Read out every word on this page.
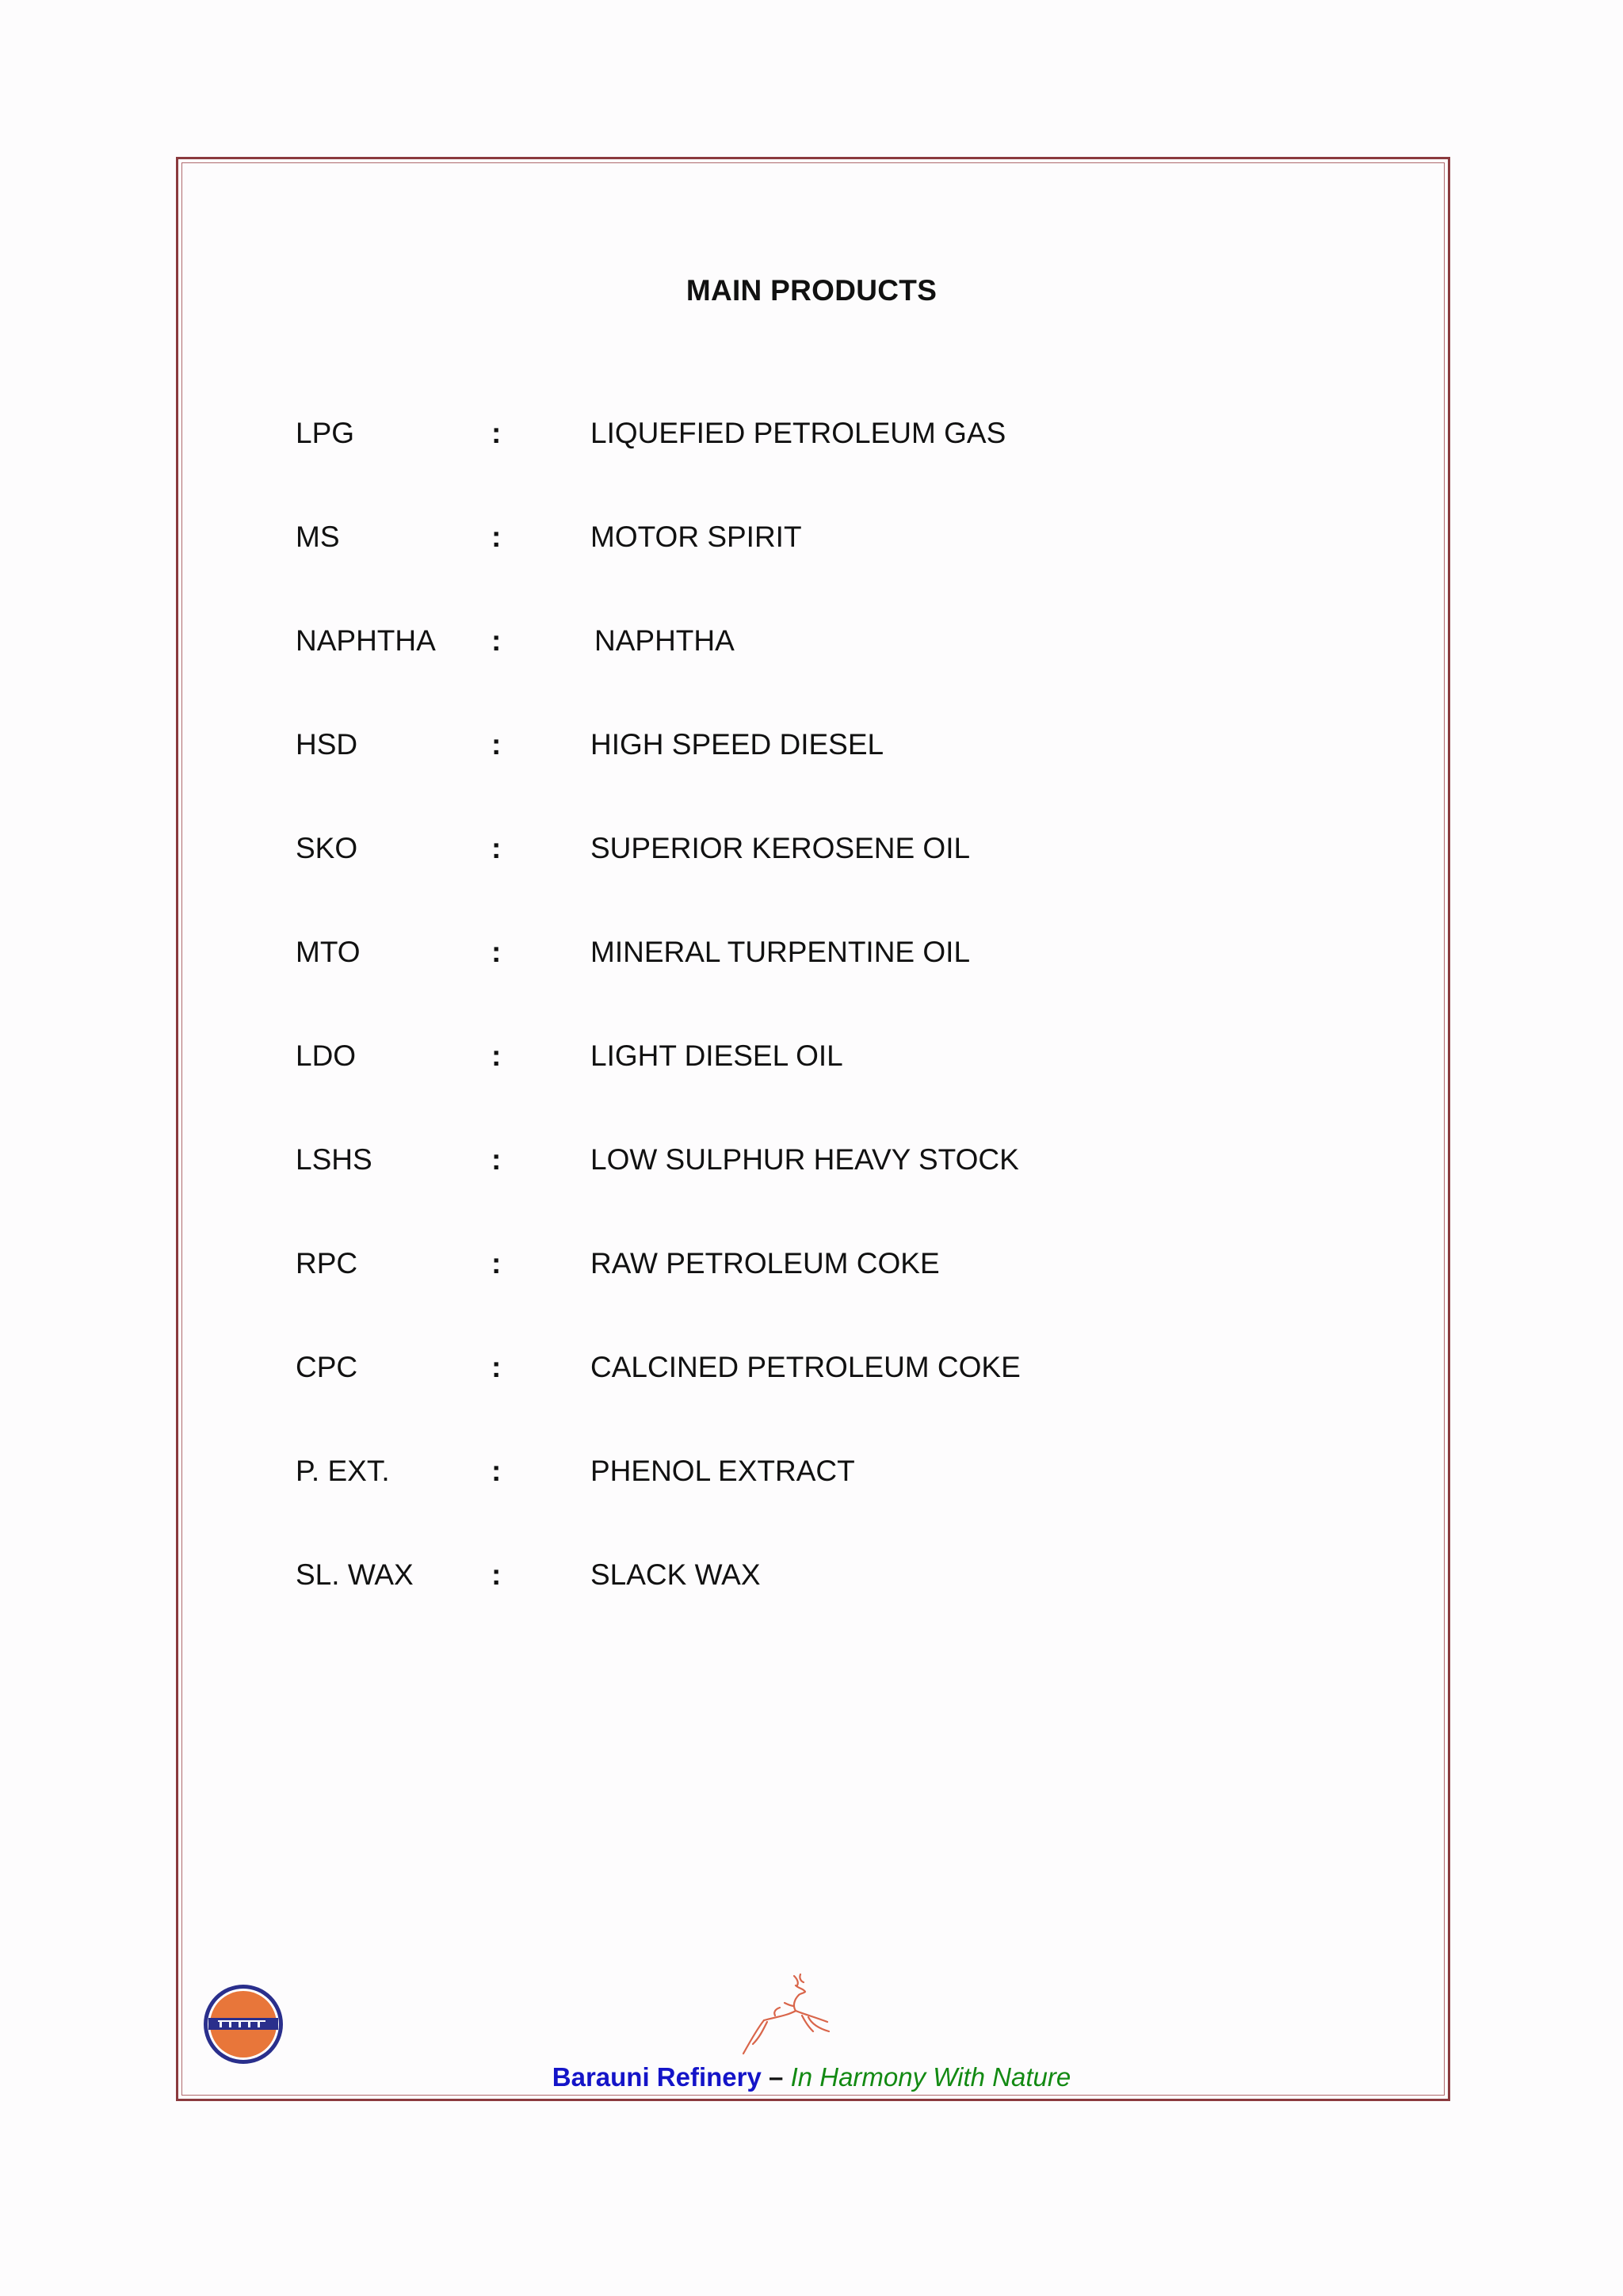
MAIN PRODUCTS
LPG	:	LIQUEFIED PETROLEUM GAS
MS	:	MOTOR SPIRIT
NAPHTHA :	NAPHTHA
HSD	:	HIGH SPEED DIESEL
SKO	:	SUPERIOR KEROSENE OIL
MTO	:	MINERAL TURPENTINE OIL
LDO	:	LIGHT DIESEL OIL
LSHS	:	LOW SULPHUR HEAVY STOCK
RPC	:	RAW PETROLEUM COKE
CPC	:	CALCINED PETROLEUM COKE
P. EXT.	:	PHENOL EXTRACT
SL. WAX	:	SLACK WAX
Barauni Refinery – In Harmony With Nature
